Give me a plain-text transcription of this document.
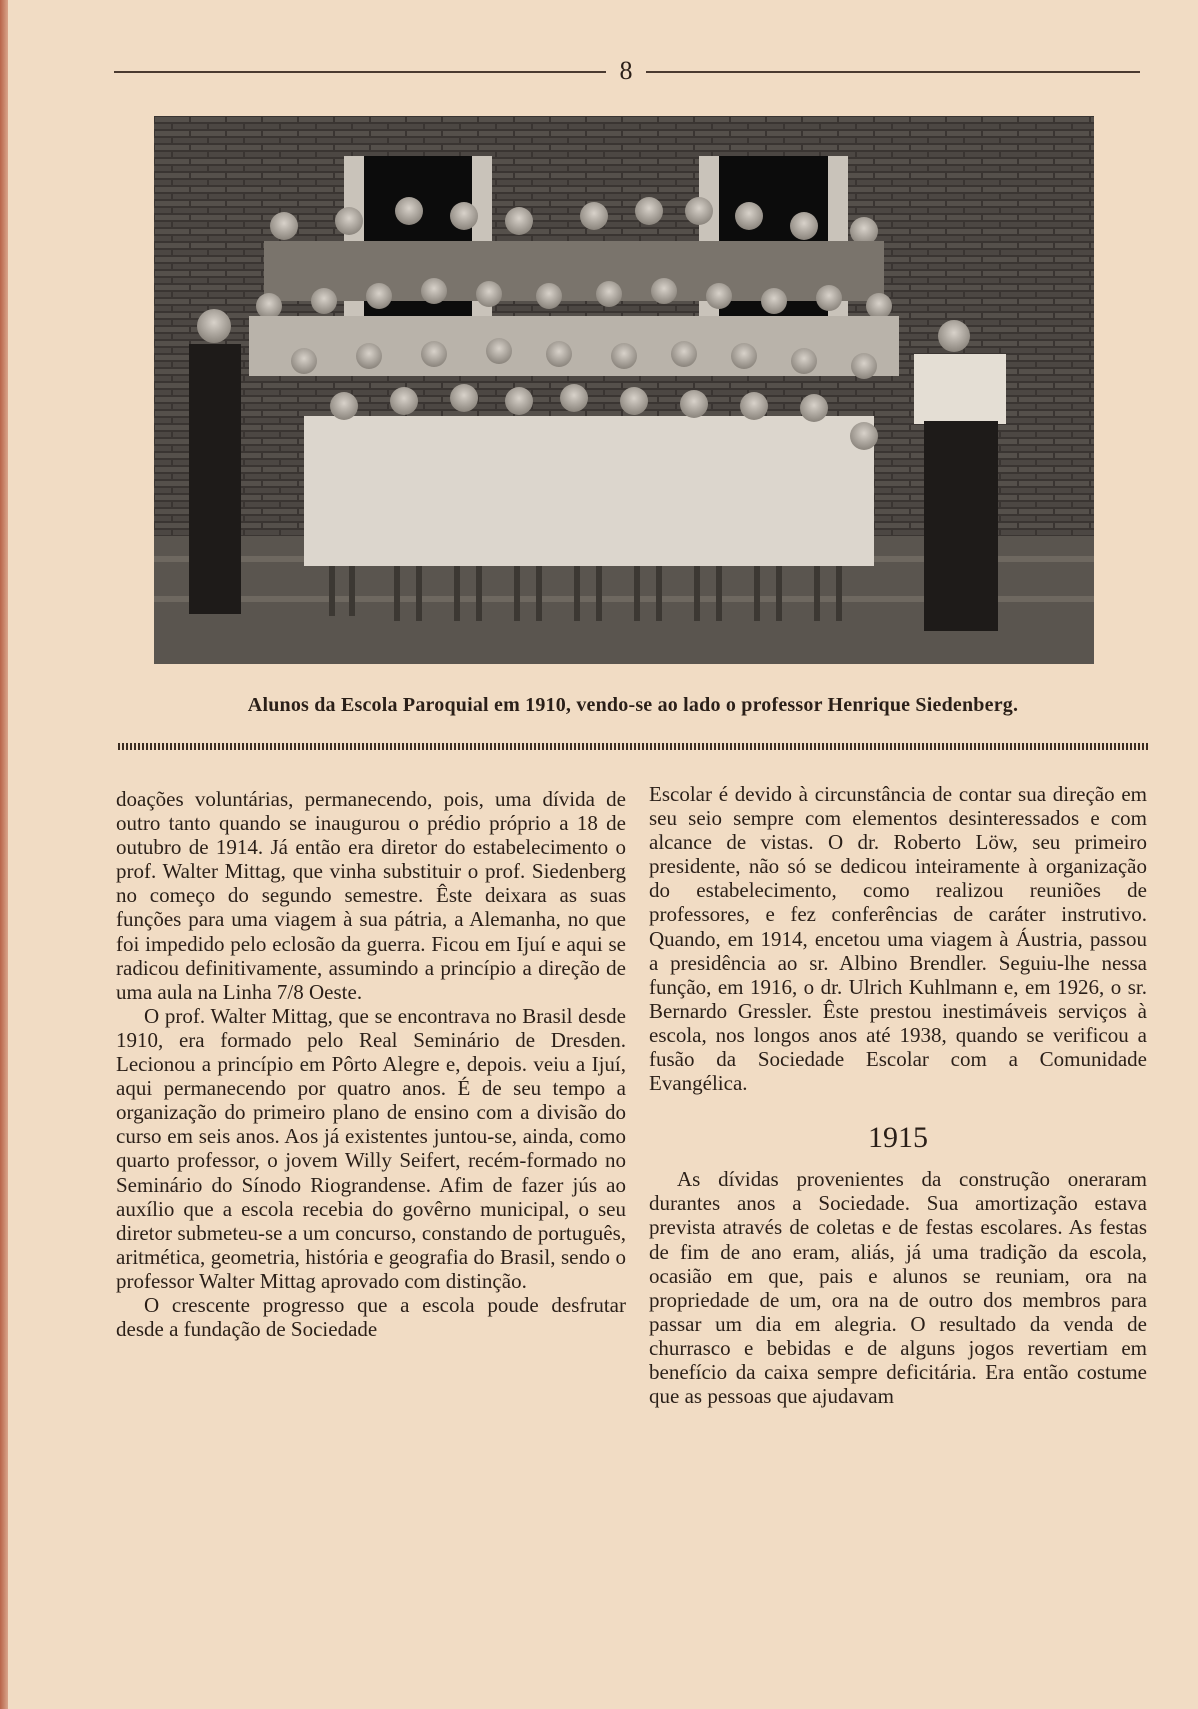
8
Alunos da Escola Paroquial em 1910, vendo-se ao lado o professor Henrique Siedenberg.

doações voluntárias, permanecendo, pois, uma dívida de outro tanto quando se inaugurou o prédio próprio a 18 de outubro de 1914. Já então era diretor do estabelecimento o prof. Walter Mittag, que vinha substituir o prof. Siedenberg no começo do segundo semestre. Êste deixara as suas funções para uma viagem à sua pátria, a Alemanha, no que foi impedido pelo eclosão da guerra. Ficou em Ijuí e aqui se radicou definitivamente, assumindo a princípio a direção de uma aula na Linha 7/8 Oeste.

O prof. Walter Mittag, que se encontrava no Brasil desde 1910, era formado pelo Real Seminário de Dresden. Lecionou a princípio em Pôrto Alegre e, depois. veiu a Ijuí, aqui permanecendo por quatro anos. É de seu tempo a organização do primeiro plano de ensino com a divisão do curso em seis anos. Aos já existentes juntou-se, ainda, como quarto professor, o jovem Willy Seifert, recém-formado no Seminário do Sínodo Riograndense. Afim de fazer jús ao auxílio que a escola recebia do govêrno municipal, o seu diretor submeteu-se a um concurso, constando de português, aritmética, geometria, história e geografia do Brasil, sendo o professor Walter Mittag aprovado com distinção.

O crescente progresso que a escola poude desfrutar desde a fundação de Sociedade

Escolar é devido à circunstância de contar sua direção em seu seio sempre com elementos desinteressados e com alcance de vistas. O dr. Roberto Löw, seu primeiro presidente, não só se dedicou inteiramente à organização do estabelecimento, como realizou reuniões de professores, e fez conferências de caráter instrutivo. Quando, em 1914, encetou uma viagem à Áustria, passou a presidência ao sr. Albino Brendler. Seguiu-lhe nessa função, em 1916, o dr. Ulrich Kuhlmann e, em 1926, o sr. Bernardo Gressler. Êste prestou inestimáveis serviços à escola, nos longos anos até 1938, quando se verificou a fusão da Sociedade Escolar com a Comunidade Evangélica.

1915

As dívidas provenientes da construção oneraram durantes anos a Sociedade. Sua amortização estava prevista através de coletas e de festas escolares. As festas de fim de ano eram, aliás, já uma tradição da escola, ocasião em que, pais e alunos se reuniam, ora na propriedade de um, ora na de outro dos membros para passar um dia em alegria. O resultado da venda de churrasco e bebidas e de alguns jogos revertiam em benefício da caixa sempre deficitária. Era então costume que as pessoas que ajudavam
